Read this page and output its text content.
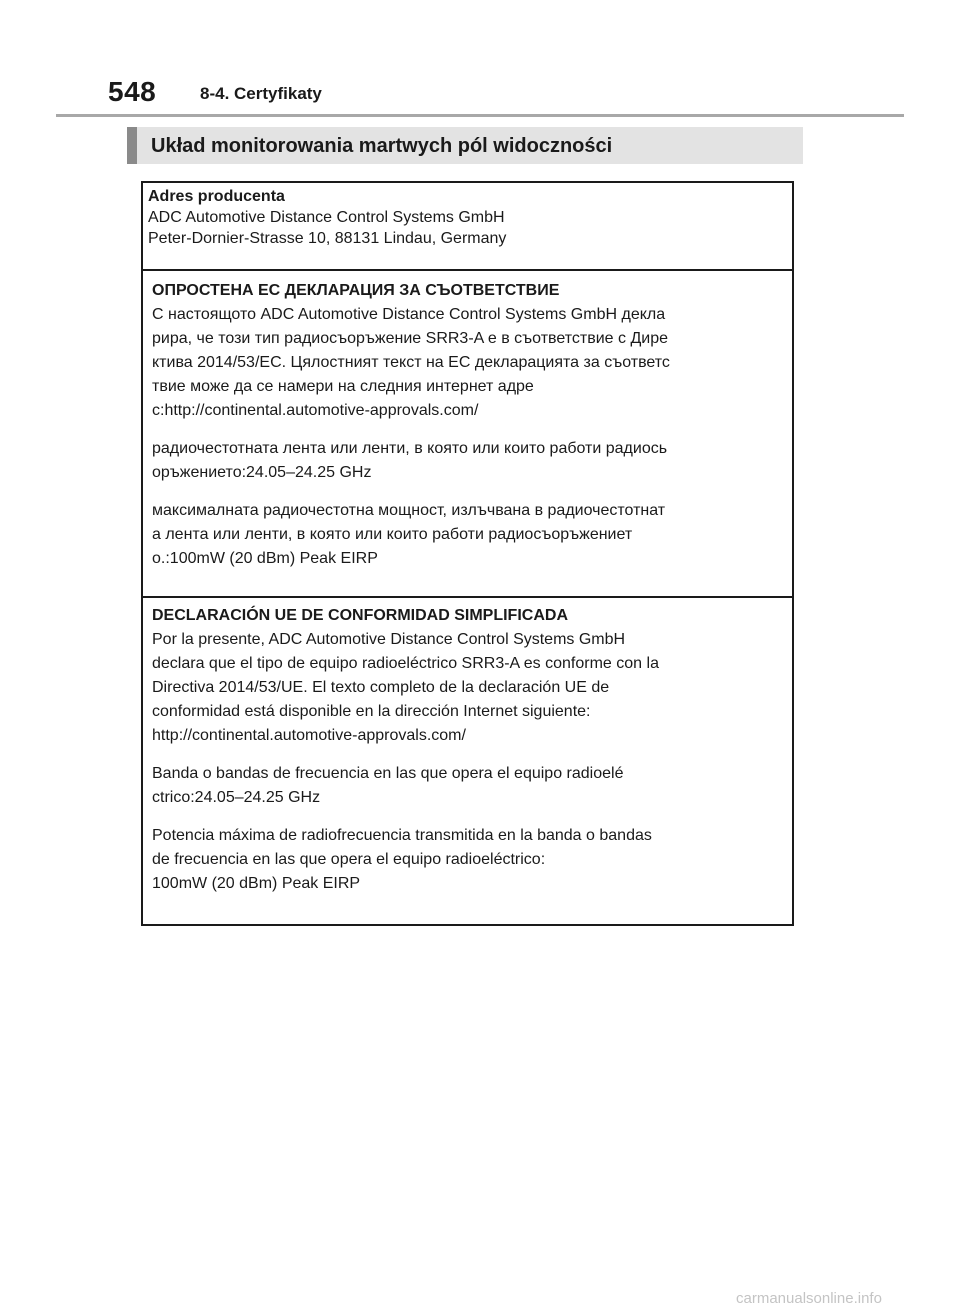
548	8-4. Certyfikaty
Układ monitorowania martwych pól widoczności
Adres producenta
ADC Automotive Distance Control Systems GmbH
Peter-Dornier-Strasse 10, 88131 Lindau, Germany
ОПРОСТЕНА ЕС ДЕКЛАРАЦИЯ ЗА СЪОТВЕТСТВИЕ
С настоящото ADC Automotive Distance Control Systems GmbH декла
рира, че този тип радиосъоръжение SRR3-A е в съответствие с Дире
ктива 2014/53/ЕС. Цялостният текст на ЕС декларацията за съответс
твие може да се намери на следния интернет адре
с:http://continental.automotive-approvals.com/
радиочестотната лента или ленти, в която или които работи радиось
оръжението:24.05–24.25 GHz
максималната радиочестотна мощност, излъчвана в радиочестотнат
а лента или ленти, в която или които работи радиосъоръжениет
о.:100mW (20 dBm) Peak EIRP
DECLARACIÓN UE DE CONFORMIDAD SIMPLIFICADA
Por la presente, ADC Automotive Distance Control Systems GmbH
declara que el tipo de equipo radioeléctrico SRR3-A es conforme con la
Directiva 2014/53/UE. El texto completo de la declaración UE de
conformidad está disponible en la dirección Internet siguiente:
http://continental.automotive-approvals.com/
Banda o bandas de frecuencia en las que opera el equipo radioelé
ctrico:24.05–24.25 GHz
Potencia máxima de radiofrecuencia transmitida en la banda o bandas
de frecuencia en las que opera el equipo radioeléctrico:
100mW (20 dBm) Peak EIRP
carmanualsonline.info
